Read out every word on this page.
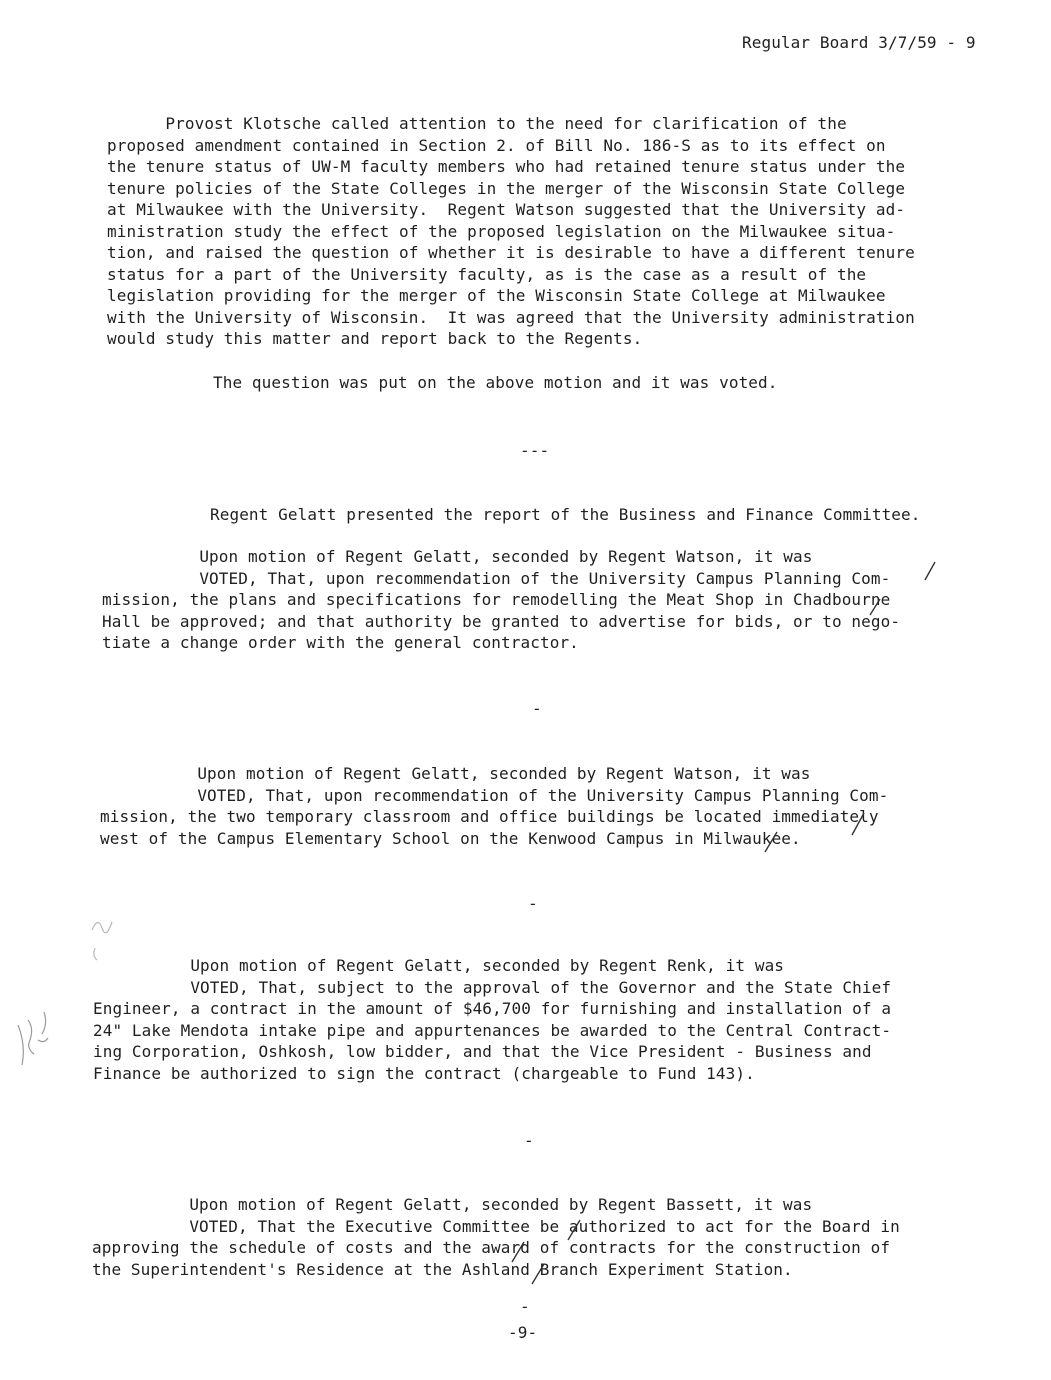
Regular Board 3/7/59 - 9
Provost Klotsche called attention to the need for clarification of the
proposed amendment contained in Section 2. of Bill No. 186-S as to its effect on
the tenure status of UW-M faculty members who had retained tenure status under the
tenure policies of the State Colleges in the merger of the Wisconsin State College
at Milwaukee with the University.  Regent Watson suggested that the University ad-
ministration study the effect of the proposed legislation on the Milwaukee situa-
tion, and raised the question of whether it is desirable to have a different tenure
status for a part of the University faculty, as is the case as a result of the
legislation providing for the merger of the Wisconsin State College at Milwaukee
with the University of Wisconsin.  It was agreed that the University administration
would study this matter and report back to the Regents.
The question was put on the above motion and it was voted.
---
Regent Gelatt presented the report of the Business and Finance Committee.
Upon motion of Regent Gelatt, seconded by Regent Watson, it was
VOTED, That, upon recommendation of the University Campus Planning Com-
mission, the plans and specifications for remodelling the Meat Shop in Chadbourne
Hall be approved; and that authority be granted to advertise for bids, or to nego-
tiate a change order with the general contractor.
-
Upon motion of Regent Gelatt, seconded by Regent Watson, it was
VOTED, That, upon recommendation of the University Campus Planning Com-
mission, the two temporary classroom and office buildings be located immediately
west of the Campus Elementary School on the Kenwood Campus in Milwaukee.
-
Upon motion of Regent Gelatt, seconded by Regent Renk, it was
VOTED, That, subject to the approval of the Governor and the State Chief
Engineer, a contract in the amount of $46,700 for furnishing and installation of a
24" Lake Mendota intake pipe and appurtenances be awarded to the Central Contract-
ing Corporation, Oshkosh, low bidder, and that the Vice President - Business and
Finance be authorized to sign the contract (chargeable to Fund 143).
-
Upon motion of Regent Gelatt, seconded by Regent Bassett, it was
VOTED, That the Executive Committee be authorized to act for the Board in
approving the schedule of costs and the award of contracts for the construction of
the Superintendent's Residence at the Ashland Branch Experiment Station.
-
-9-
